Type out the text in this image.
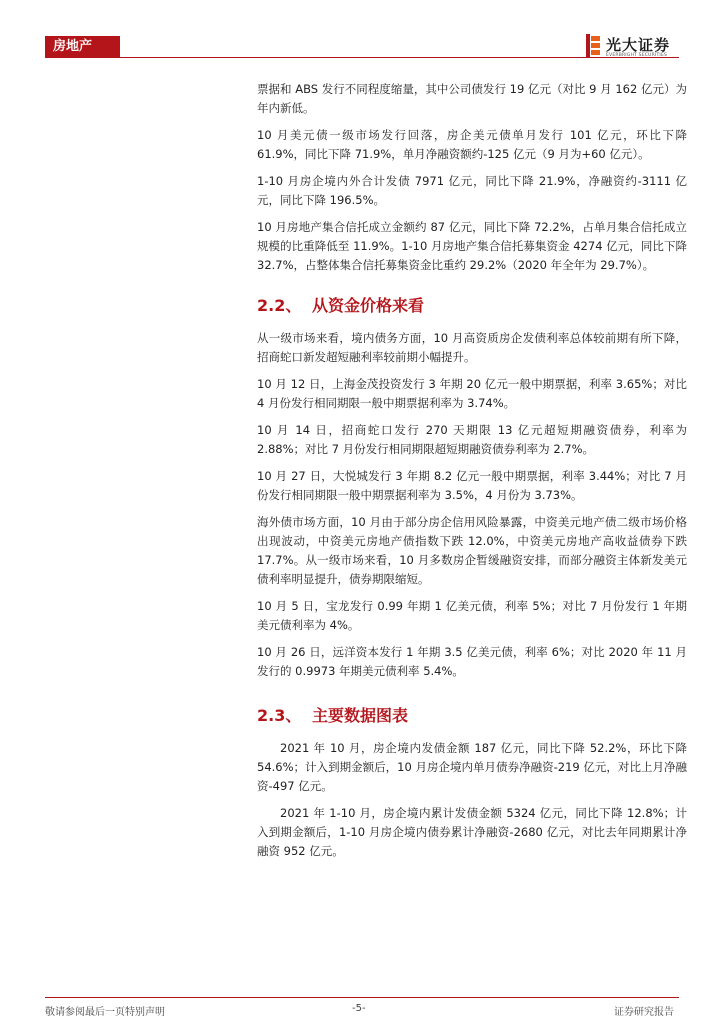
房地产	光大证券
EVERBRIGHT SECURITIES

票据和 ABS 发行不同程度缩量，其中公司债发行 19 亿元（对比 9 月 162 亿元）为年内新低。

10 月美元债一级市场发行回落，房企美元债单月发行 101 亿元，环比下降 61.9%，同比下降 71.9%，单月净融资额约-125 亿元（9 月为+60 亿元）。

1-10 月房企境内外合计发债 7971 亿元，同比下降 21.9%，净融资约-3111 亿元，同比下降 196.5%。

10 月房地产集合信托成立金额约 87 亿元，同比下降 72.2%，占单月集合信托成立规模的比重降低至 11.9%。1-10 月房地产集合信托募集资金 4274 亿元，同比下降 32.7%，占整体集合信托募集资金比重约 29.2%（2020 年全年为 29.7%）。

2.2、 从资金价格来看

从一级市场来看，境内债务方面，10 月高资质房企发债利率总体较前期有所下降，招商蛇口新发超短融利率较前期小幅提升。

10 月 12 日，上海金茂投资发行 3 年期 20 亿元一般中期票据，利率 3.65%；对比 4 月份发行相同期限一般中期票据利率为 3.74%。

10 月 14 日，招商蛇口发行 270 天期限 13 亿元超短期融资债券，利率为 2.88%；对比 7 月份发行相同期限超短期融资债券利率为 2.7%。

10 月 27 日，大悦城发行 3 年期 8.2 亿元一般中期票据，利率 3.44%；对比 7 月份发行相同期限一般中期票据利率为 3.5%，4 月份为 3.73%。

海外债市场方面，10 月由于部分房企信用风险暴露，中资美元地产债二级市场价格出现波动，中资美元房地产债指数下跌 12.0%，中资美元房地产高收益债券下跌 17.7%。从一级市场来看，10 月多数房企暂缓融资安排，而部分融资主体新发美元债利率明显提升，债券期限缩短。

10 月 5 日，宝龙发行 0.99 年期 1 亿美元债，利率 5%；对比 7 月份发行 1 年期美元债利率为 4%。

10 月 26 日，远洋资本发行 1 年期 3.5 亿美元债，利率 6%；对比 2020 年 11 月发行的 0.9973 年期美元债利率 5.4%。

2.3、 主要数据图表

2021 年 10 月，房企境内发债金额 187 亿元，同比下降 52.2%，环比下降 54.6%；计入到期金额后，10 月房企境内单月债券净融资-219 亿元，对比上月净融资-497 亿元。

2021 年 1-10 月，房企境内累计发债金额 5324 亿元，同比下降 12.8%；计入到期金额后，1-10 月房企境内债券累计净融资-2680 亿元，对比去年同期累计净融资 952 亿元。

敬请参阅最后一页特别声明	-5-	证券研究报告
